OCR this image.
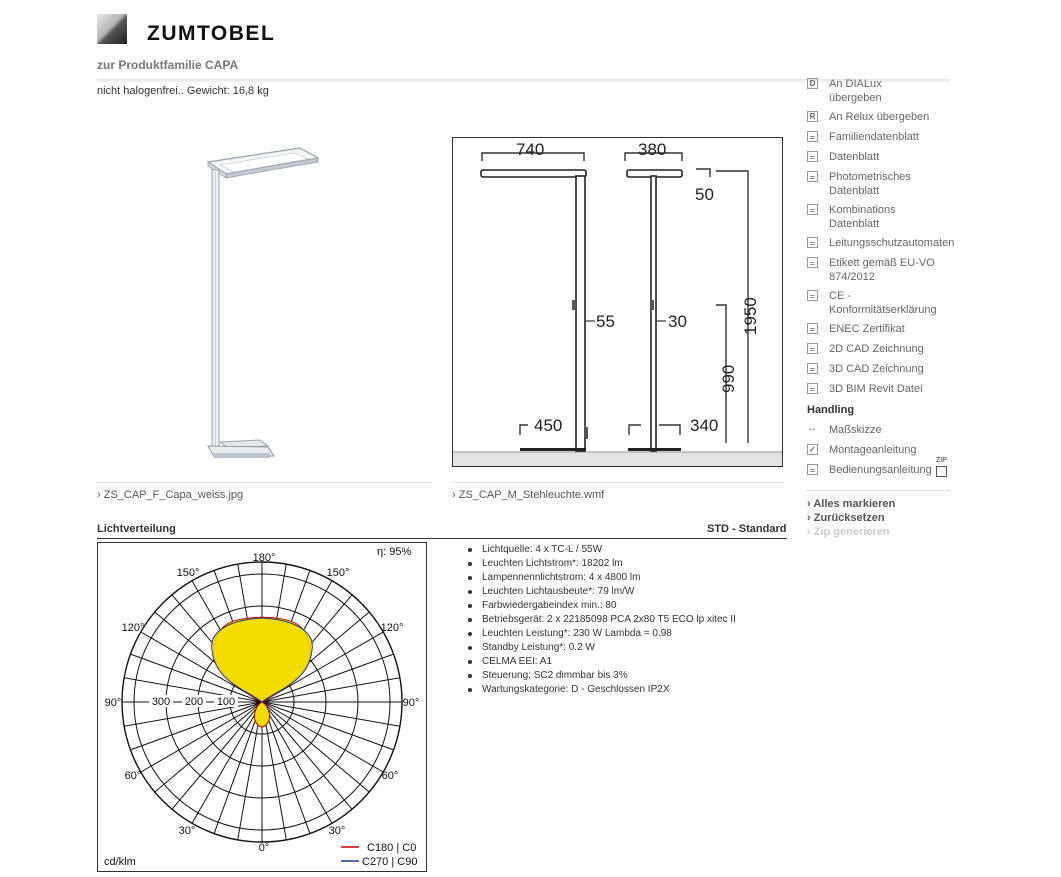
ZUMTOBEL
zur Produktfamilie CAPA
nicht halogenfrei.. Gewicht: 16,8 kg
› ZS_CAP_F_Capa_weiss.jpg
740	380
50
55	30
450	340
1950
990
› ZS_CAP_M_Stehleuchte.wmf
D An DIALux
übergeben
R An Relux übergeben
Familiendatenblatt
Datenblatt
Photometrisches
Datenblatt
Kombinations
Datenblatt
Leitungsschutzautomaten
Etikett gemäß EU-VO
874/2012
CE -
Konformitätserklärung
ENEC Zertifikat
2D CAD Zeichnung
3D CAD Zeichnung
3D BIM Revit Datei
Handling
↔ Maßskizze
✓ Montageanleitung
Bedienungsanleitung
ZIP
› Alles markieren
› Zurücksetzen
› Zip generieren
Lichtverteilung	STD - Standard
180°
150°	150°
120°	120°
90°	90°
60°	60°
30°	30°
0°
300 200 100
η: 95%
cd/klm
C180 | C0
C270 | C90
Lichtquelle: 4 x TC-L / 55W
Leuchten Lichtstrom*: 18202 lm
Lampennennlichtstrom: 4 x 4800 lm
Leuchten Lichtausbeute*: 79 lm/W
Farbwiedergabeindex min.: 80
Betriebsgerät: 2 x 22185098 PCA 2x80 T5 ECO lp xitec II
Leuchten Leistung*: 230 W Lambda = 0.98
Standby Leistung*: 0.2 W
CELMA EEI: A1
Steuerung: SC2 dimmbar bis 3%
Wartungskategorie: D - Geschlossen IP2X
